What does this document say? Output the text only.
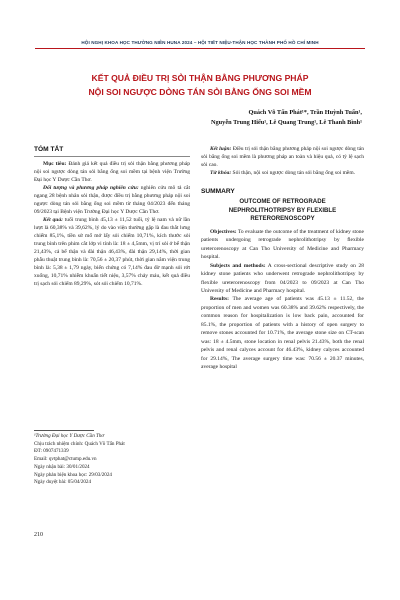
HỘI NGHỊ KHOA HỌC THƯỜNG NIÊN HUNA 2024 – HỘI TIẾT NIỆU-THẬN HỌC THÀNH PHỐ HỒ CHÍ MINH
KẾT QUẢ ĐIỀU TRỊ SỎI THẬN BẰNG PHƯƠNG PHÁP
NỘI SOI NGƯỢC DÒNG TÁN SỎI BẰNG ỐNG SOI MỀM
Quách Võ Tấn Phát¹*, Trần Huỳnh Tuấn¹,
Nguyễn Trung Hiếu¹, Lê Quang Trung¹, Lê Thanh Bình¹
TÓM TẮT

Mục tiêu: Đánh giá kết quả điều trị sỏi thận bằng phương pháp nội soi ngược dòng tán sỏi bằng ống soi mềm tại bệnh viện Trường Đại học Y Dược Cần Thơ.

Đối tượng và phương pháp nghiên cứu: nghiên cứu mô tả cắt ngang 28 bệnh nhân sỏi thận, được điều trị bằng phương pháp nội soi ngược dòng tán sỏi bằng ống soi mềm từ tháng 04/2023 đến tháng 09/2023 tại Bệnh viện Trường Đại học Y Dược Cần Thơ.

Kết quả: tuổi trung bình 45,13 ± 11,52 tuổi, tỷ lệ nam và nữ lần lượt là 60,38% và 39,62%, lý do vào viện thường gặp là đau thắt lưng chiếm 85,1%, tiền sử mổ mở lấy sỏi chiếm 10,71%, kích thước sỏi trung bình trên phim cắt lớp vi tính là: 18 ± 4,5mm, vị trí sỏi ở bể thận 21,43%, cả bể thận và đài thận 46,43%, đài thận 29,14%, thời gian phẫu thuật trung bình là: 70,56 ± 20,37 phút, thời gian nằm viện trung bình là: 5,38 ± 1,79 ngày, biến chứng có 7,14% đau đờ mạnh sỏi rớt xuống, 10,71% nhiễm khuẩn tiết niệu, 3,57% chảy máu, kết quả điều trị sạch sỏi chiếm 89,29%, sót sỏi chiếm 10,71%.

¹Trường Đại học Y Dược Cần Thơ
Chịu trách nhiệm chính: Quách Võ Tấn Phát
ĐT: 0907471339
Email: qvtphat@ctump.edu.vn
Ngày nhận bài: 30/01/2024
Ngày phản biện khoa học: 29/03/2024
Ngày duyệt bài: 05/04/2024

Kết luận: Điều trị sỏi thận bằng phương pháp nội soi ngược dòng tán sỏi bằng ống soi mềm là phương pháp an toàn và hiệu quả, có tỷ lệ sạch sỏi cao.

Từ khóa: Sỏi thận, nội soi ngược dòng tán sỏi bằng ống soi mềm.

SUMMARY
OUTCOME OF RETROGRADE
NEPHROLITHOTRIPSY BY FLEXIBLE
RETERORENOSCOPY

Objectives: To evaluate the outcome of the treatment of kidney stone patients undergoing retrograde nephrolithotripsy by flexible ureterorenoscopy at Can Tho University of Medicine and Pharmacy hospital.

Subjects and methods: A cross-sectional descriptive study on 28 kidney stone patients who underwent retrograde nephrolithotripsy by flexible ureterorenoscopy from 04/2023 to 09/2023 at Can Tho University of Medicine and Pharmacy hospital.

Results: The average age of patients was 45.13 ± 11.52, the proportion of men and women was 60.38% and 39.62% respectively, the common reason for hospitalization is low back pain, accounted for 85.1%, the proportion of patients with a history of open surgery to remove stones accounted for 10.71%, the average stone size on CT-scan was: 18 ± 4.5mm, stone location in renal pelvis 21.43%, both the renal pelvis and renal calyces account for 46.43%, kidney calyces accounted for 29.14%, The average surgery time was: 70.56 ± 20.37 minutes, average hospital

210
